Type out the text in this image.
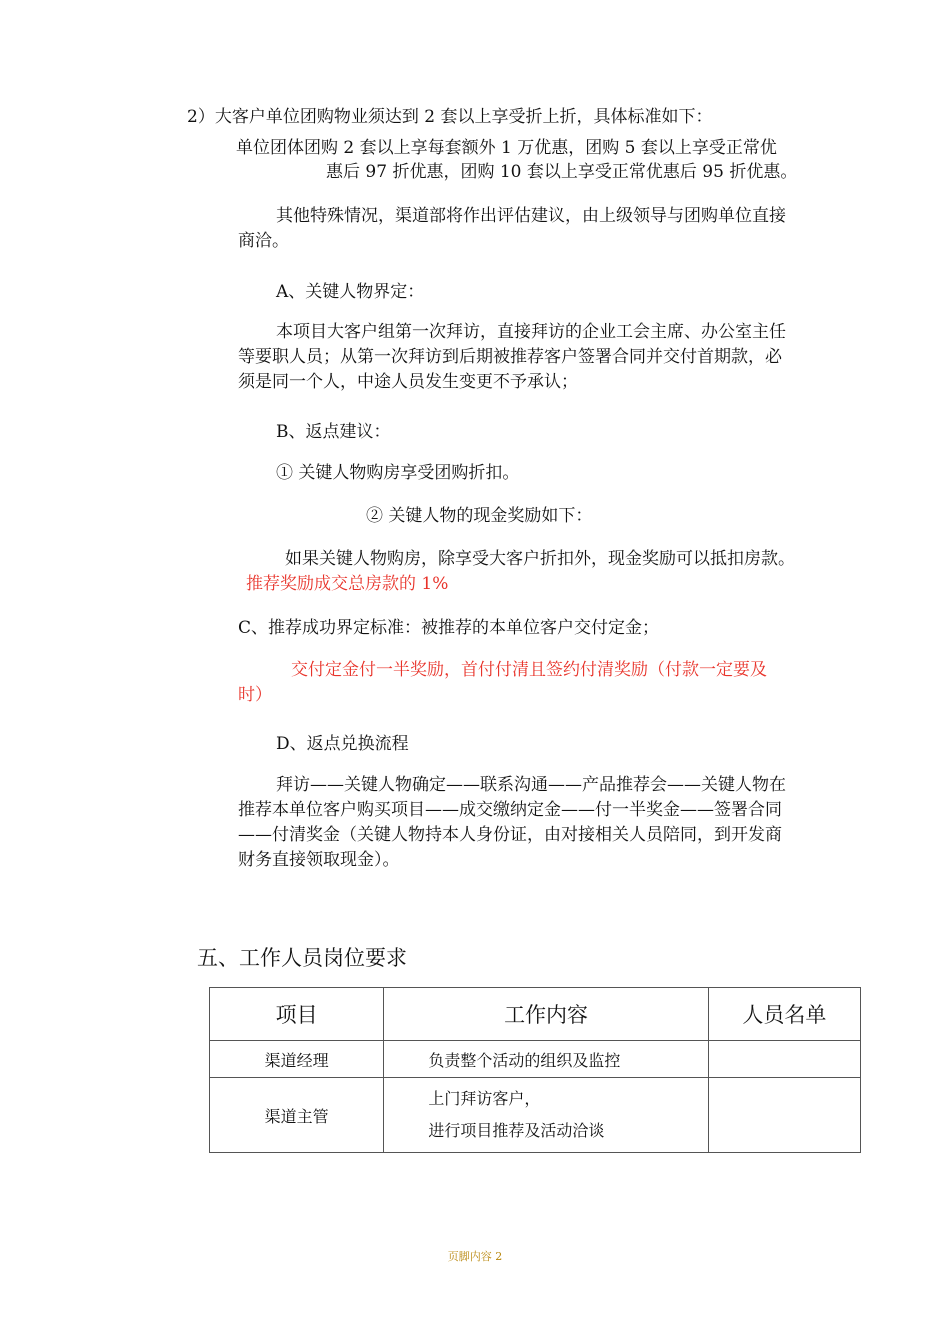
2）大客户单位团购物业须达到 2 套以上享受折上折，具体标准如下：
单位团体团购 2 套以上享每套额外 1 万优惠，团购 5 套以上享受正常优
惠后 97 折优惠，团购 10 套以上享受正常优惠后 95 折优惠。
其他特殊情况，渠道部将作出评估建议，由上级领导与团购单位直接
商洽。
A、关键人物界定：
本项目大客户组第一次拜访，直接拜访的企业工会主席、办公室主任
等要职人员；从第一次拜访到后期被推荐客户签署合同并交付首期款，必
须是同一个人，中途人员发生变更不予承认；
B、返点建议：
① 关键人物购房享受团购折扣。
② 关键人物的现金奖励如下：
如果关键人物购房，除享受大客户折扣外，现金奖励可以抵扣房款。
推荐奖励成交总房款的 1%
C、推荐成功界定标准：被推荐的本单位客户交付定金；
交付定金付一半奖励，首付付清且签约付清奖励（付款一定要及
时）
D、返点兑换流程
拜访——关键人物确定——联系沟通——产品推荐会——关键人物在
推荐本单位客户购买项目——成交缴纳定金——付一半奖金——签署合同
——付清奖金（关键人物持本人身份证，由对接相关人员陪同，到开发商
财务直接领取现金）。
五、工作人员岗位要求
项目	工作内容	人员名单
渠道经理	负责整个活动的组织及监控	
渠道主管	上门拜访客户，
进行项目推荐及活动洽谈	

页脚内容 2
